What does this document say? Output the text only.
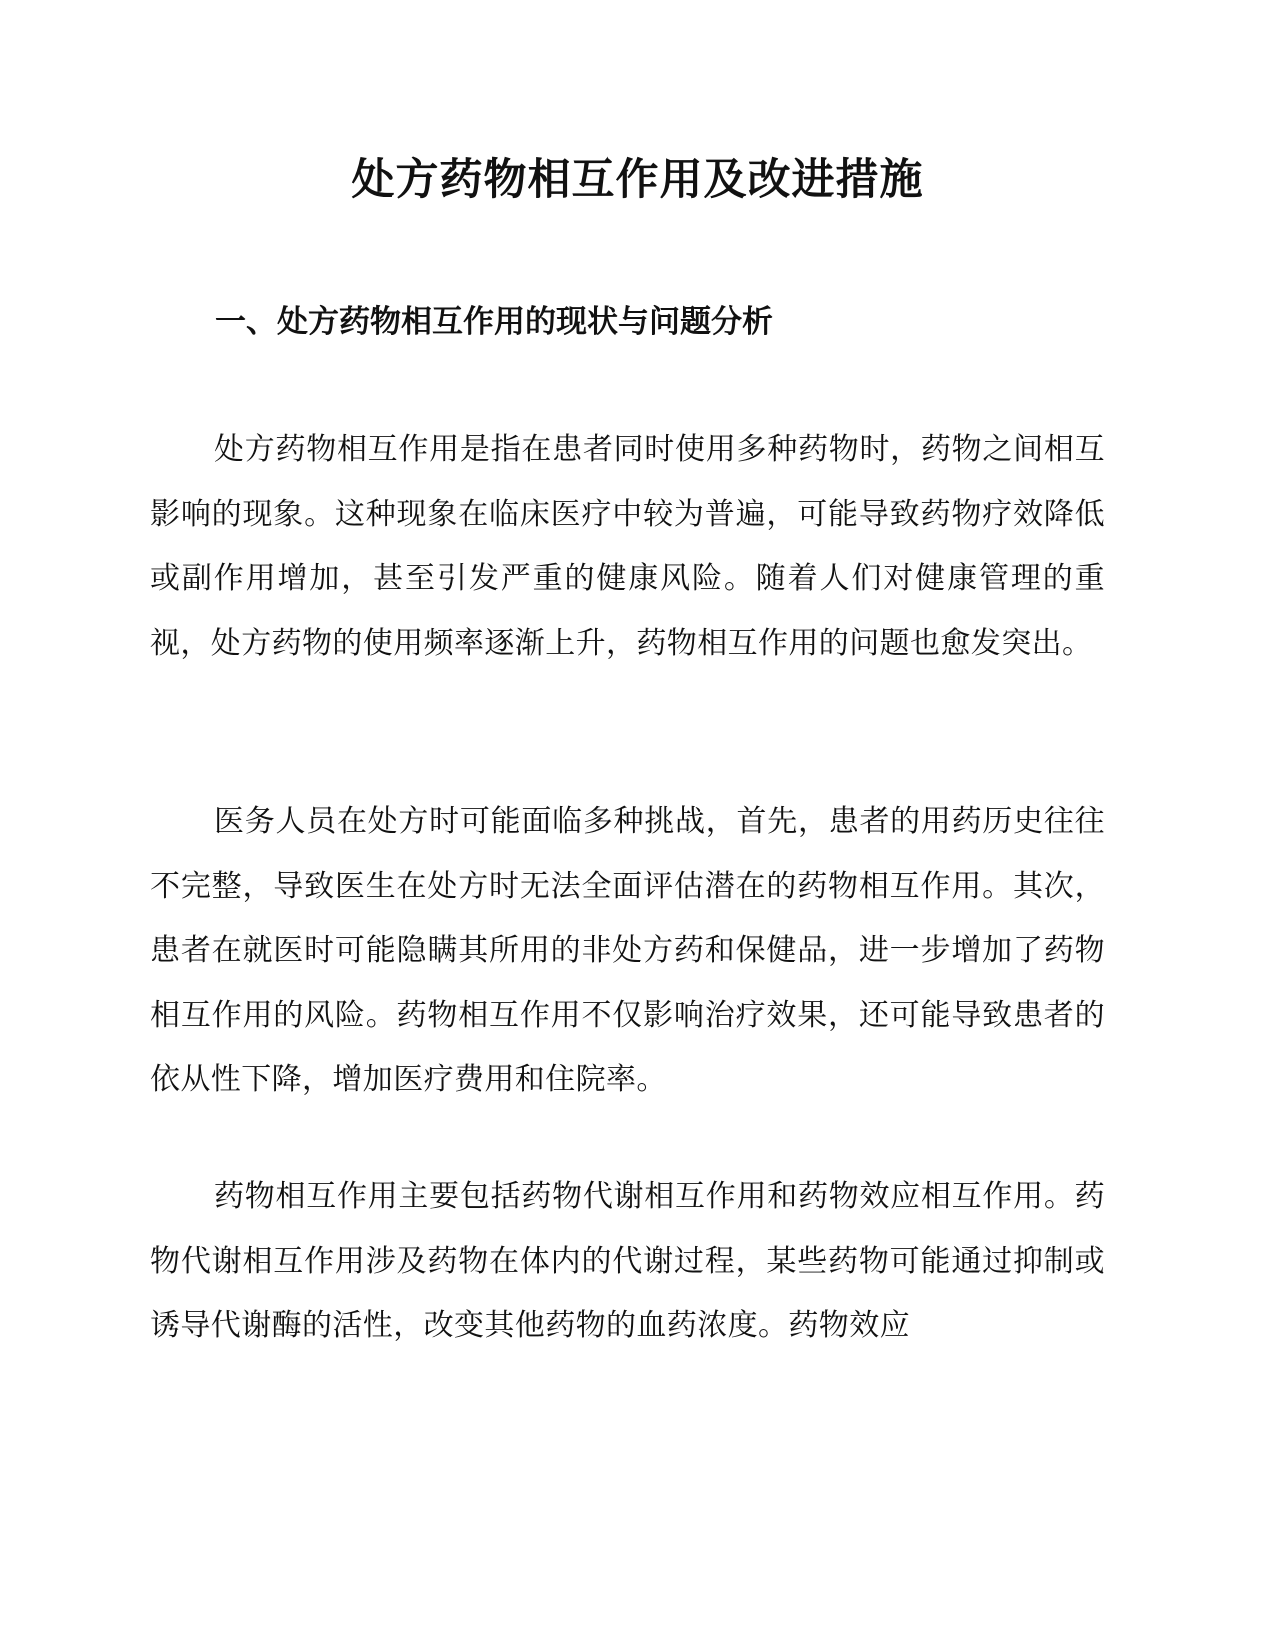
处方药物相互作用及改进措施
一、处方药物相互作用的现状与问题分析

处方药物相互作用是指在患者同时使用多种药物时，药物之间相互影响的现象。这种现象在临床医疗中较为普遍，可能导致药物疗效降低或副作用增加，甚至引发严重的健康风险。随着人们对健康管理的重视，处方药物的使用频率逐渐上升，药物相互作用的问题也愈发突出。

医务人员在处方时可能面临多种挑战，首先，患者的用药历史往往不完整，导致医生在处方时无法全面评估潜在的药物相互作用。其次，患者在就医时可能隐瞒其所用的非处方药和保健品，进一步增加了药物相互作用的风险。药物相互作用不仅影响治疗效果，还可能导致患者的依从性下降，增加医疗费用和住院率。

药物相互作用主要包括药物代谢相互作用和药物效应相互作用。药物代谢相互作用涉及药物在体内的代谢过程，某些药物可能通过抑制或诱导代谢酶的活性，改变其他药物的血药浓度。药物效应
